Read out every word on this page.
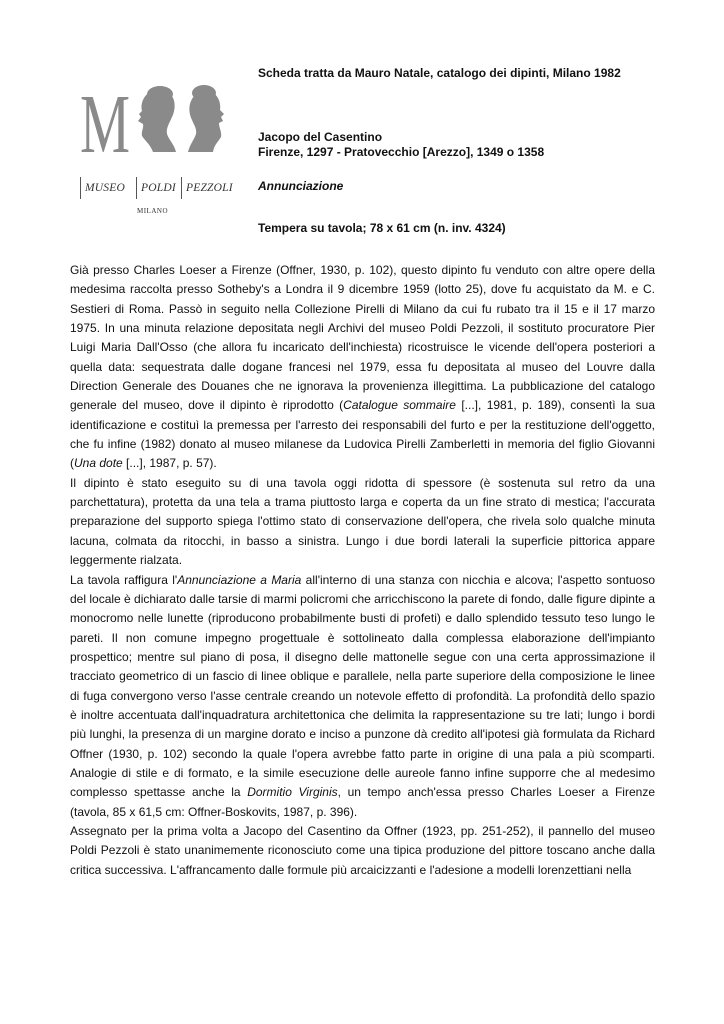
M
MUSEO	POLDI PEZZOLI
MILANO

Scheda tratta da Mauro Natale, catalogo dei dipinti, Milano 1982

Jacopo del Casentino

Firenze, 1297 - Pratovecchio [Arezzo], 1349 o 1358

Annunciazione

Tempera su tavola; 78 x 61 cm (n. inv. 4324)

Già presso Charles Loeser a Firenze (Offner, 1930, p. 102), questo dipinto fu venduto con altre opere della medesima raccolta presso Sotheby's a Londra il 9 dicembre 1959 (lotto 25), dove fu acquistato da M. e C. Sestieri di Roma. Passò in seguito nella Collezione Pirelli di Milano da cui fu rubato tra il 15 e il 17 marzo 1975. In una minuta relazione depositata negli Archivi del museo Poldi Pezzoli, il sostituto procuratore Pier Luigi Maria Dall'Osso (che allora fu incaricato dell'inchiesta) ricostruisce le vicende dell'opera posteriori a quella data: sequestrata dalle dogane francesi nel 1979, essa fu depositata al museo del Louvre dalla Direction Generale des Douanes che ne ignorava la provenienza illegittima. La pubblicazione del catalogo generale del museo, dove il dipinto è riprodotto (Catalogue sommaire [...], 1981, p. 189), consentì la sua identificazione e costituì la premessa per l'arresto dei responsabili del furto e per la restituzione dell'oggetto, che fu infine (1982) donato al museo milanese da Ludovica Pirelli Zamberletti in memoria del figlio Giovanni (Una dote [...], 1987, p. 57).

Il dipinto è stato eseguito su di una tavola oggi ridotta di spessore (è sostenuta sul retro da una parchettatura), protetta da una tela a trama piuttosto larga e coperta da un fine strato di mestica; l'accurata preparazione del supporto spiega l'ottimo stato di conservazione dell'opera, che rivela solo qualche minuta lacuna, colmata da ritocchi, in basso a sinistra. Lungo i due bordi laterali la superficie pittorica appare leggermente rialzata.

La tavola raffigura l'Annunciazione a Maria all'interno di una stanza con nicchia e alcova; l'aspetto sontuoso del locale è dichiarato dalle tarsie di marmi policromi che arricchiscono la parete di fondo, dalle figure dipinte a monocromo nelle lunette (riproducono probabilmente busti di profeti) e dallo splendido tessuto teso lungo le pareti. Il non comune impegno progettuale è sottolineato dalla complessa elaborazione dell'impianto prospettico; mentre sul piano di posa, il disegno delle mattonelle segue con una certa approssimazione il tracciato geometrico di un fascio di linee oblique e parallele, nella parte superiore della composizione le linee di fuga convergono verso l'asse centrale creando un notevole effetto di profondità. La profondità dello spazio è inoltre accentuata dall'inquadratura architettonica che delimita la rappresentazione su tre lati; lungo i bordi più lunghi, la presenza di un margine dorato e inciso a punzone dà credito all'ipotesi già formulata da Richard Offner (1930, p. 102) secondo la quale l'opera avrebbe fatto parte in origine di una pala a più scomparti. Analogie di stile e di formato, e la simile esecuzione delle aureole fanno infine supporre che al medesimo complesso spettasse anche la Dormitio Virginis, un tempo anch'essa presso Charles Loeser a Firenze (tavola, 85 x 61,5 cm: Offner-Boskovits, 1987, p. 396).

Assegnato per la prima volta a Jacopo del Casentino da Offner (1923, pp. 251-252), il pannello del museo Poldi Pezzoli è stato unanimemente riconosciuto come una tipica produzione del pittore toscano anche dalla critica successiva. L'affrancamento dalle formule più arcaicizzanti e l'adesione a modelli lorenzettiani nella
